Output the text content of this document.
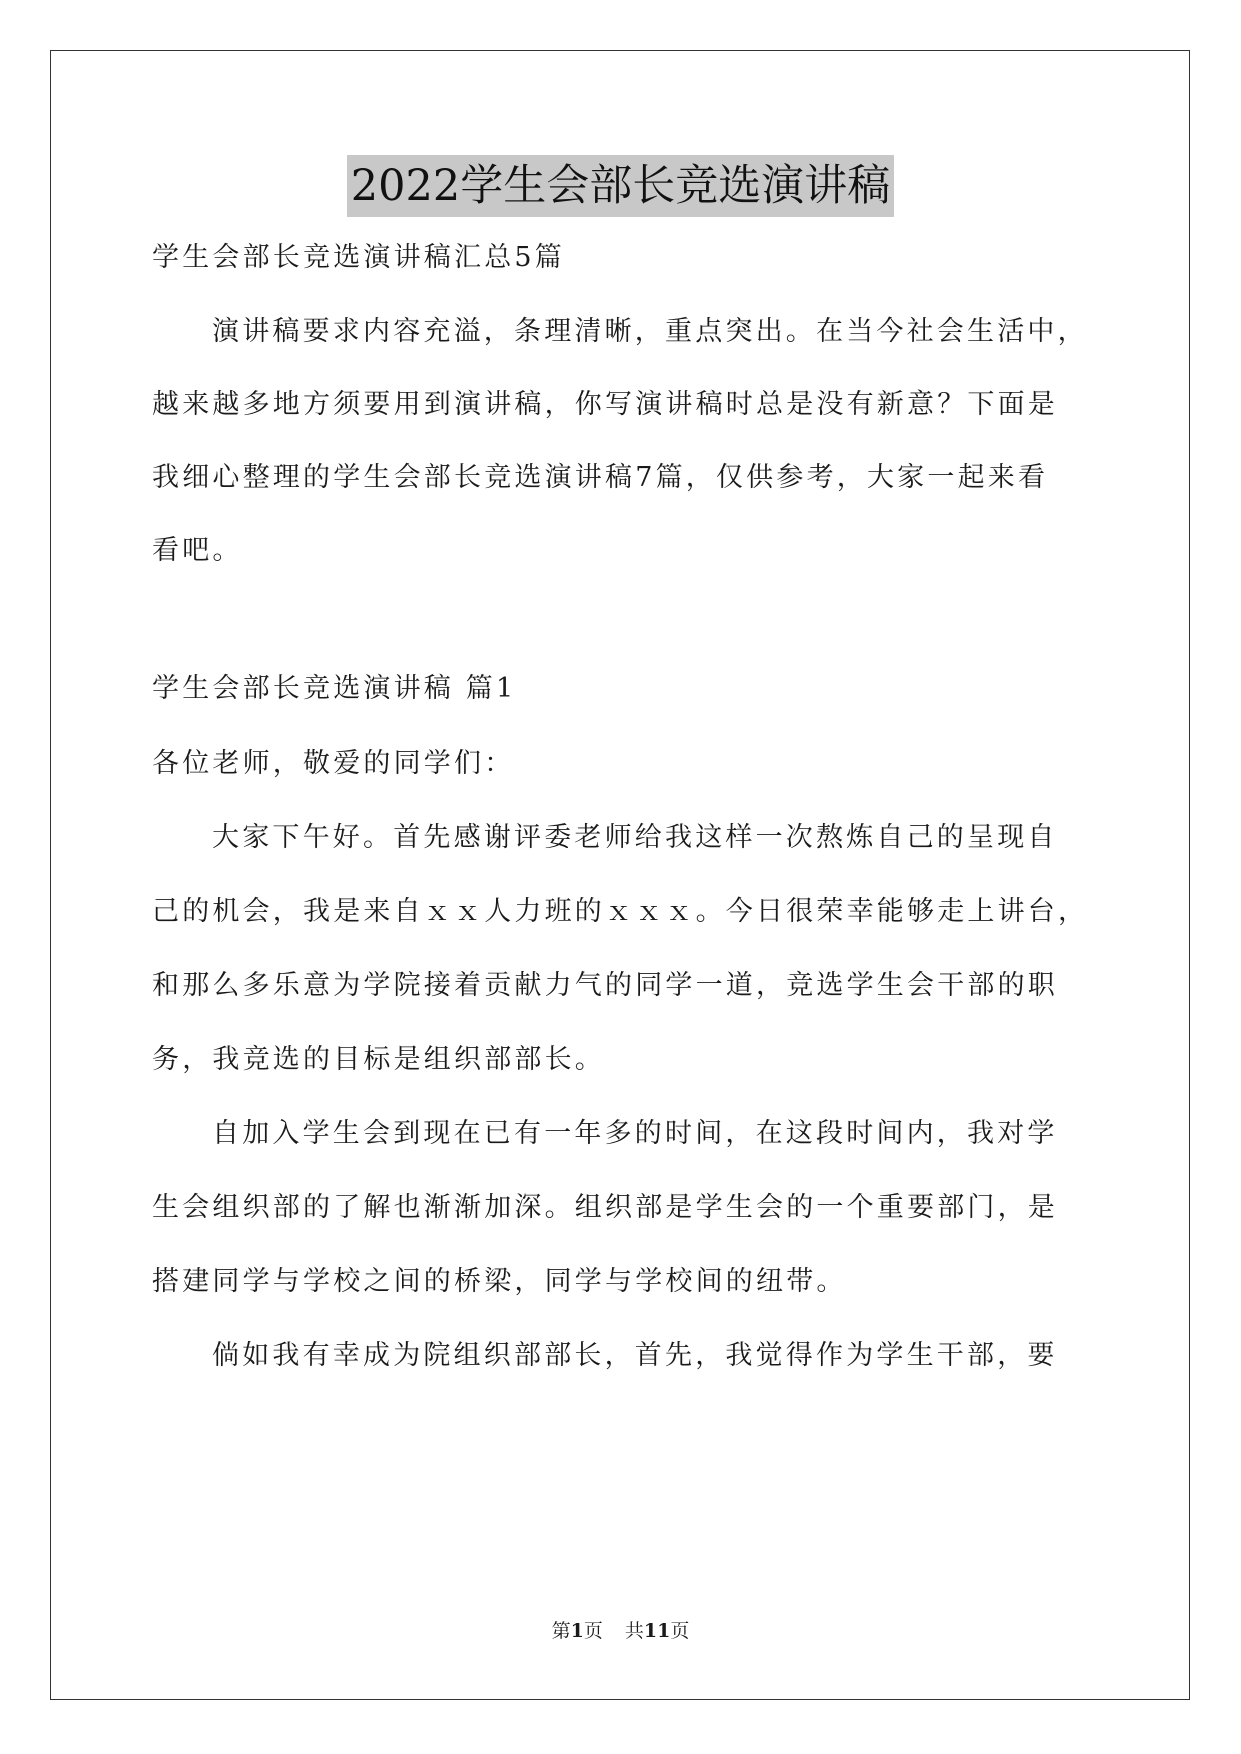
2022学生会部长竞选演讲稿
学生会部长竞选演讲稿汇总5篇
演讲稿要求内容充溢，条理清晰，重点突出。在当今社会生活中，
越来越多地方须要用到演讲稿，你写演讲稿时总是没有新意？下面是
我细心整理的学生会部长竞选演讲稿7篇，仅供参考，大家一起来看
看吧。
学生会部长竞选演讲稿 篇1
各位老师，敬爱的同学们：
大家下午好。首先感谢评委老师给我这样一次熬炼自己的呈现自
己的机会，我是来自ｘｘ人力班的ｘｘｘ。今日很荣幸能够走上讲台，
和那么多乐意为学院接着贡献力气的同学一道，竞选学生会干部的职
务，我竞选的目标是组织部部长。
自加入学生会到现在已有一年多的时间，在这段时间内，我对学
生会组织部的了解也渐渐加深。组织部是学生会的一个重要部门，是
搭建同学与学校之间的桥梁，同学与学校间的纽带。
倘如我有幸成为院组织部部长，首先，我觉得作为学生干部，要
第1页 共11页
